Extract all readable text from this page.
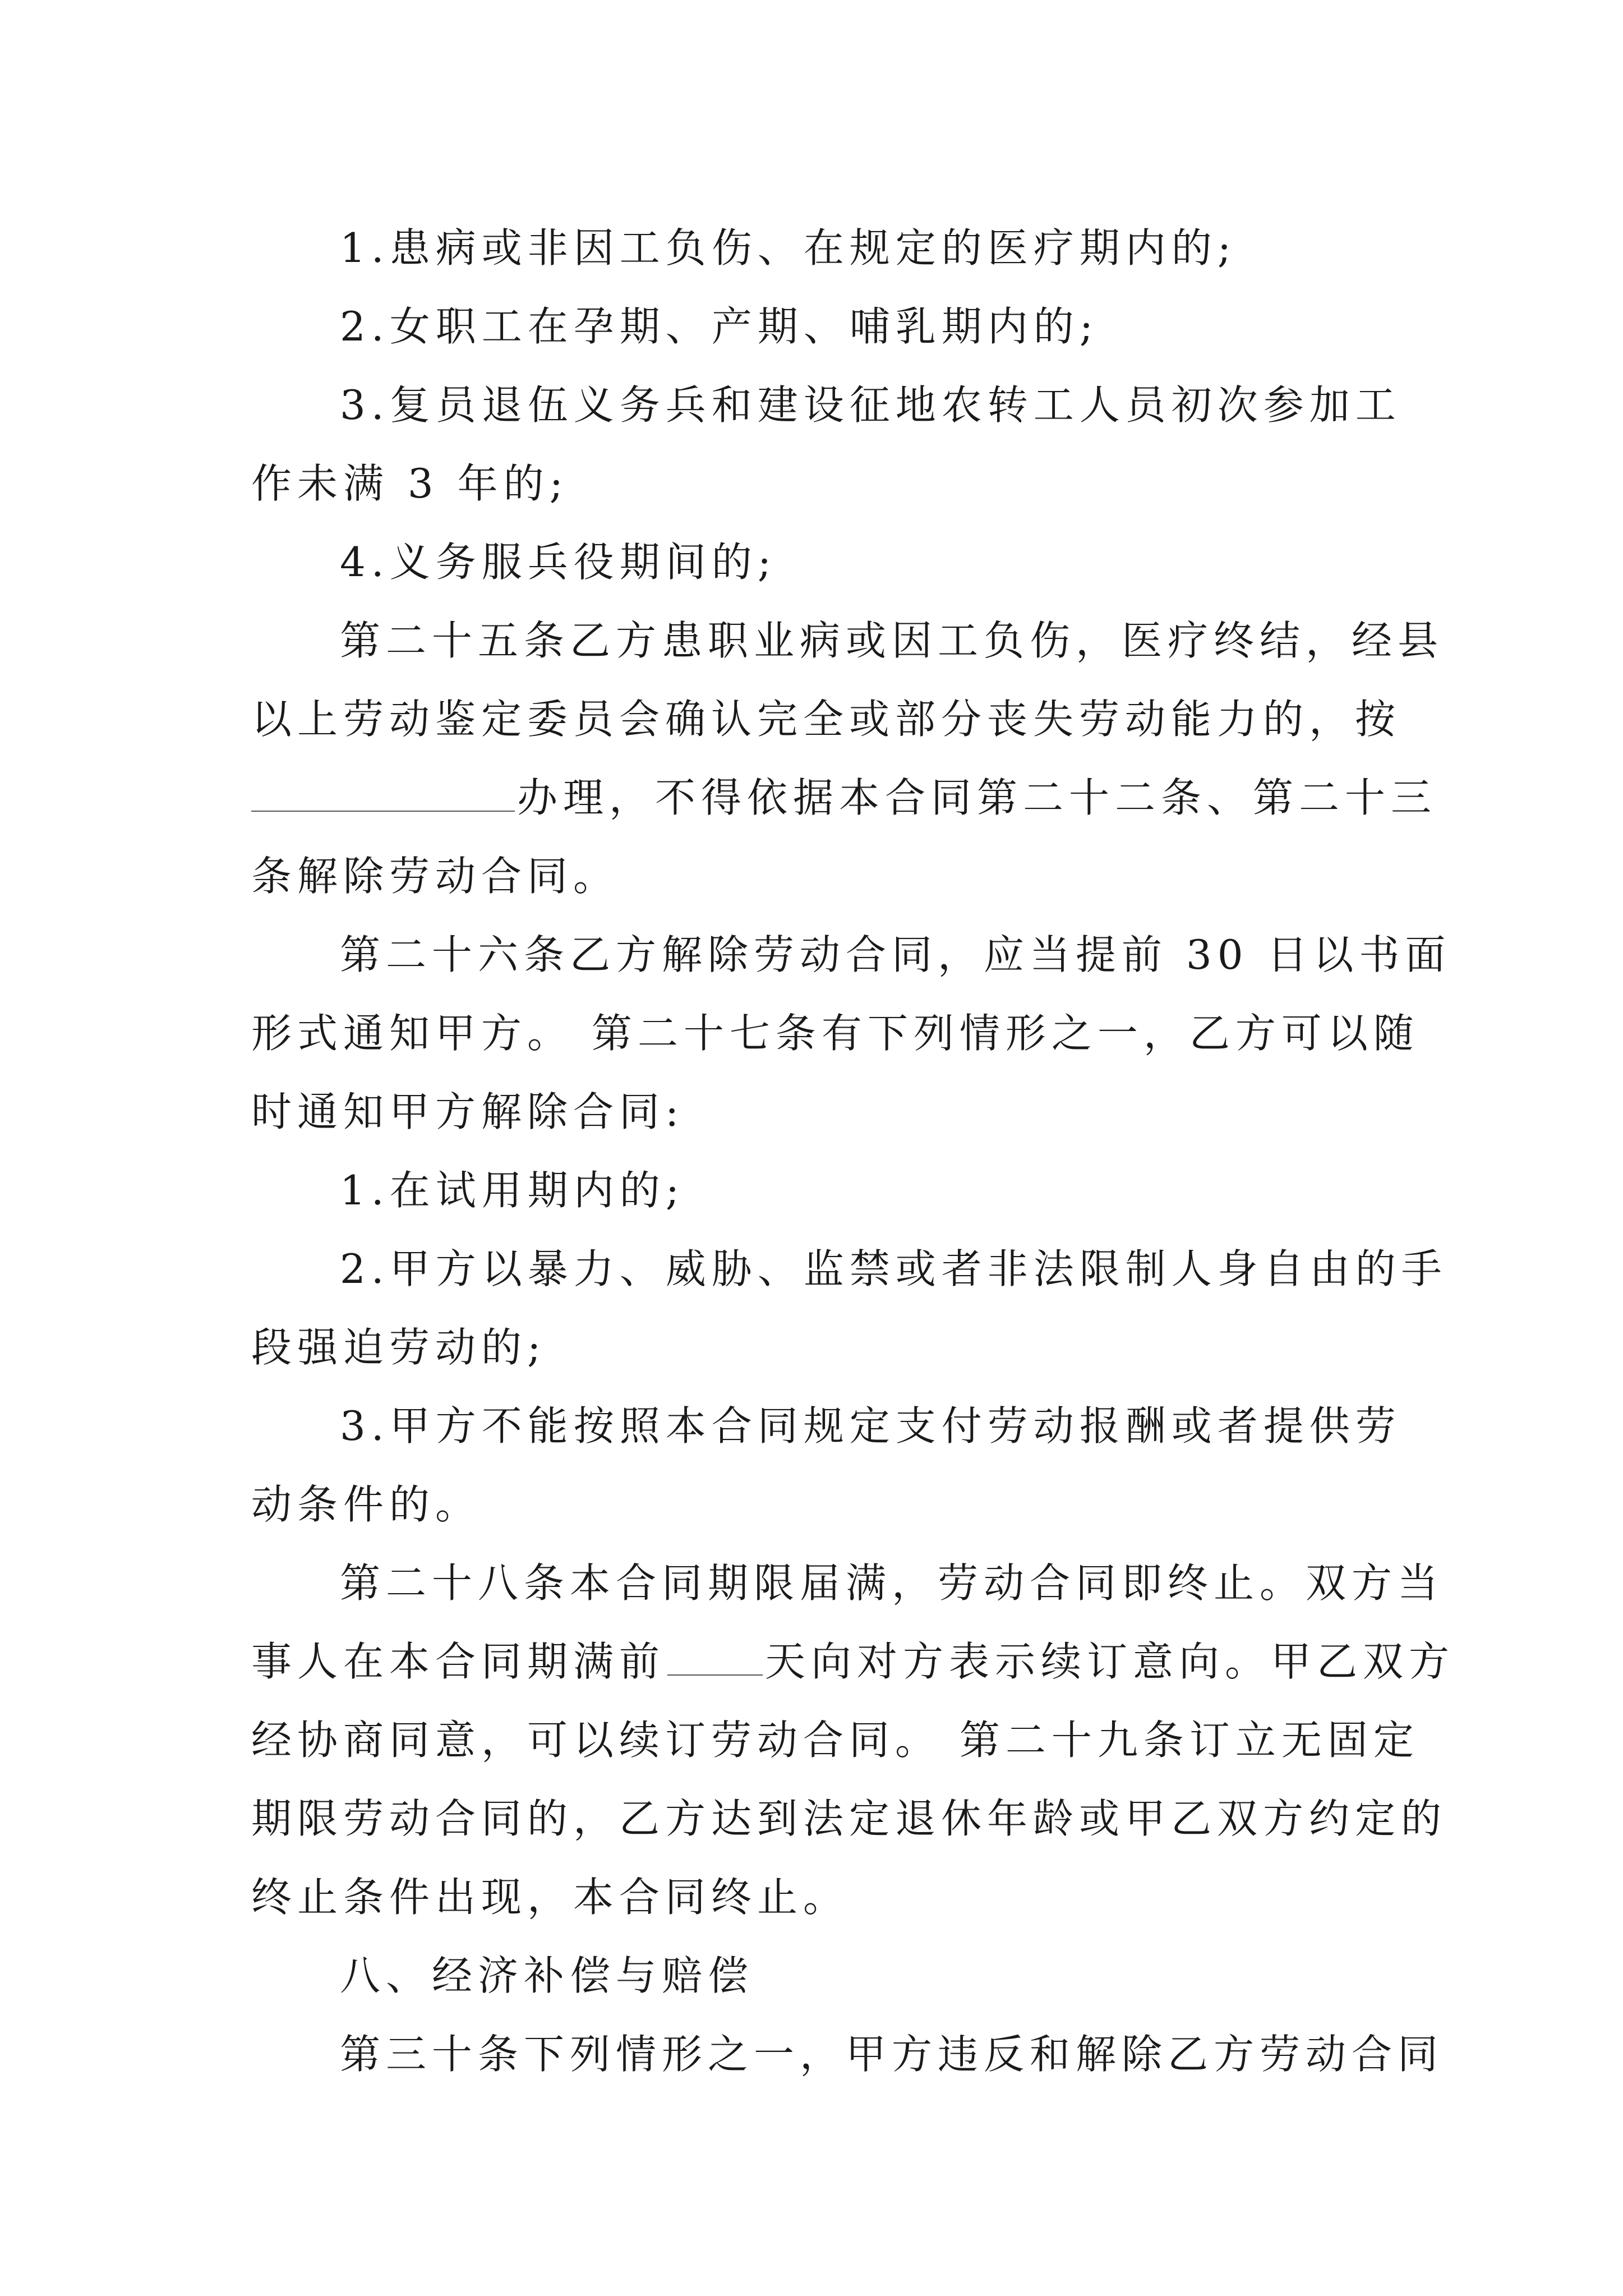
1.患病或非因工负伤、在规定的医疗期内的;
2.女职工在孕期、产期、哺乳期内的;
3.复员退伍义务兵和建设征地农转工人员初次参加工
作未满 3 年的;
4.义务服兵役期间的;
第二十五条乙方患职业病或因工负伤，医疗终结，经县
以上劳动鉴定委员会确认完全或部分丧失劳动能力的，按
办理，不得依据本合同第二十二条、第二十三
条解除劳动合同。
第二十六条乙方解除劳动合同，应当提前 30 日以书面
形式通知甲方。 第二十七条有下列情形之一，乙方可以随
时通知甲方解除合同:
1.在试用期内的;
2.甲方以暴力、威胁、监禁或者非法限制人身自由的手
段强迫劳动的;
3.甲方不能按照本合同规定支付劳动报酬或者提供劳
动条件的。
第二十八条本合同期限届满，劳动合同即终止。双方当
事人在本合同期满前 天向对方表示续订意向。甲乙双方
经协商同意，可以续订劳动合同。 第二十九条订立无固定
期限劳动合同的，乙方达到法定退休年龄或甲乙双方约定的
终止条件出现，本合同终止。
八、经济补偿与赔偿
第三十条下列情形之一，甲方违反和解除乙方劳动合同
